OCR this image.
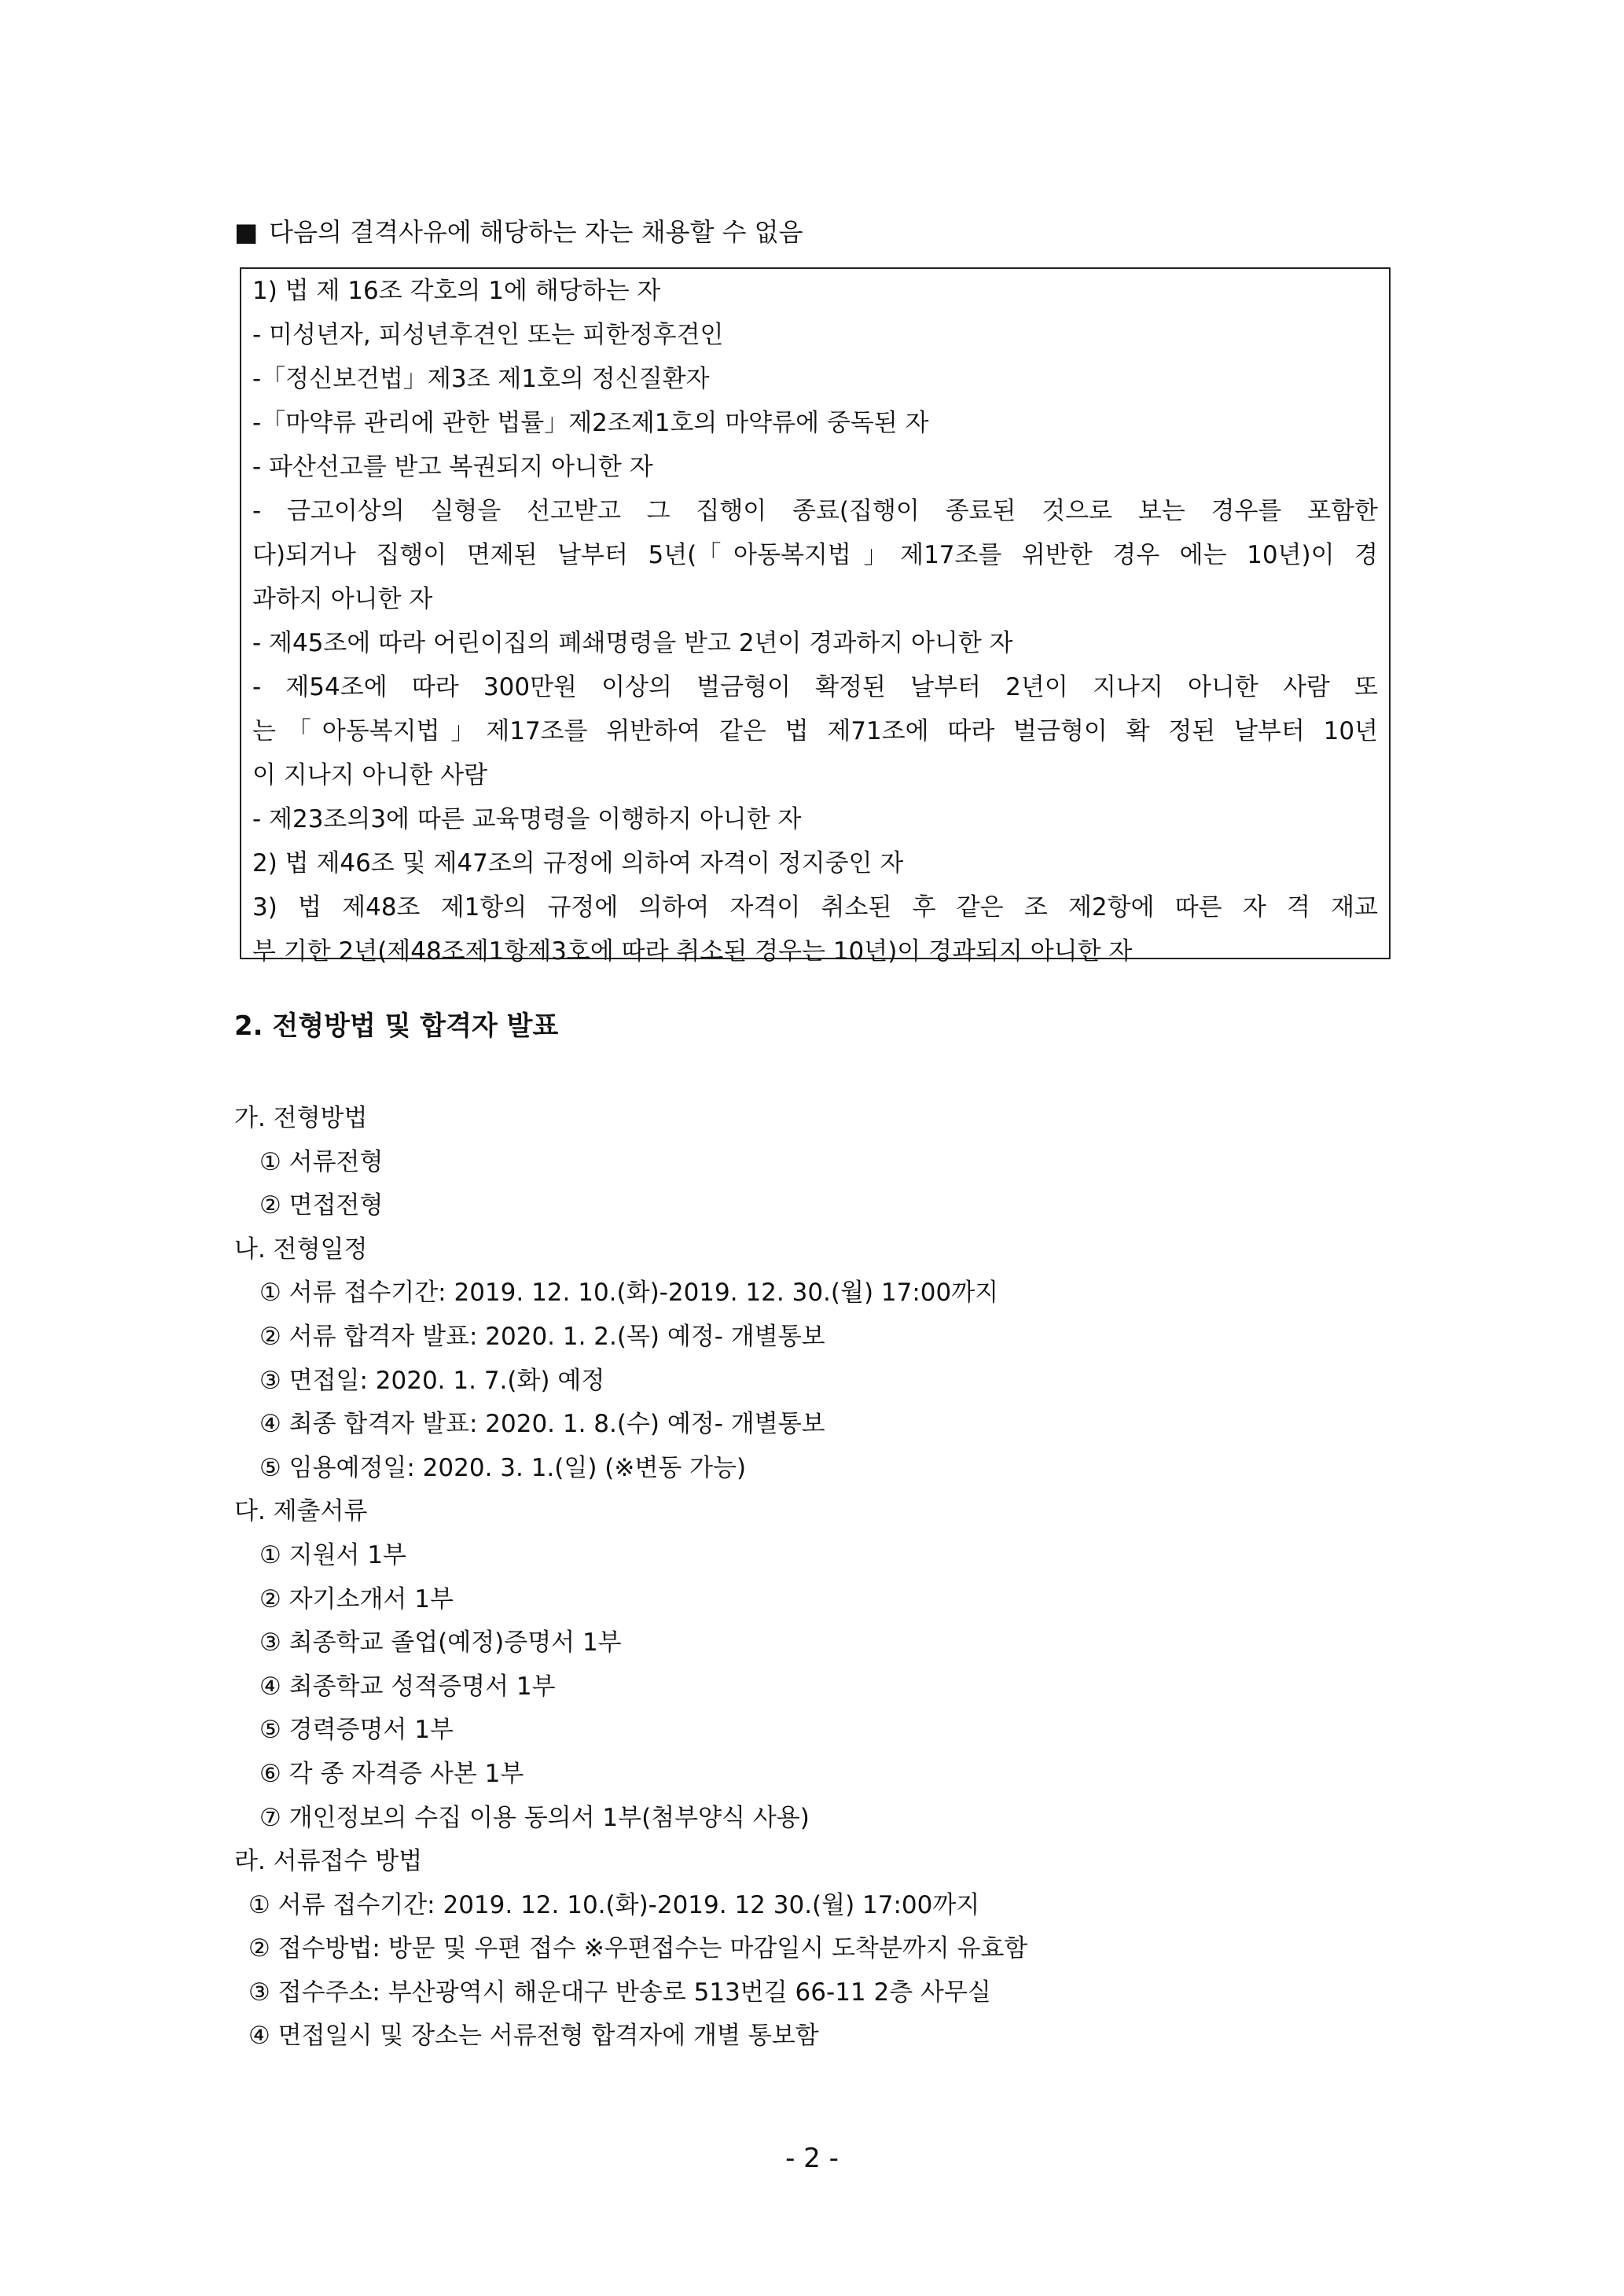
■ 다음의 결격사유에 해당하는 자는 채용할 수 없음
1) 법 제 16조 각호의 1에 해당하는 자
- 미성년자, 피성년후견인 또는 피한정후견인
-「정신보건법」제3조 제1호의 정신질환자
-「마약류 관리에 관한 법률」제2조제1호의 마약류에 중독된 자
- 파산선고를 받고 복권되지 아니한 자
- 금고이상의 실형을 선고받고 그 집행이 종료(집행이 종료된 것으로 보는 경우를 포함한
다)되거나 집행이 면제된 날부터 5년(「아동복지법」제17조를 위반한 경우 에는 10년)이 경
과하지 아니한 자
- 제45조에 따라 어린이집의 폐쇄명령을 받고 2년이 경과하지 아니한 자
- 제54조에 따라 300만원 이상의 벌금형이 확정된 날부터 2년이 지나지 아니한 사람 또
는「아동복지법」제17조를 위반하여 같은 법 제71조에 따라 벌금형이 확 정된 날부터 10년
이 지나지 아니한 사람
- 제23조의3에 따른 교육명령을 이행하지 아니한 자
2) 법 제46조 및 제47조의 규정에 의하여 자격이 정지중인 자
3) 법 제48조 제1항의 규정에 의하여 자격이 취소된 후 같은 조 제2항에 따른 자 격 재교
부 기한 2년(제48조제1항제3호에 따라 취소된 경우는 10년)이 경과되지 아니한 자
2. 전형방법 및 합격자 발표
가. 전형방법
① 서류전형
② 면접전형
나. 전형일정
① 서류 접수기간: 2019. 12. 10.(화)-2019. 12. 30.(월) 17:00까지
② 서류 합격자 발표: 2020. 1. 2.(목) 예정- 개별통보
③ 면접일: 2020. 1. 7.(화) 예정
④ 최종 합격자 발표: 2020. 1. 8.(수) 예정- 개별통보
⑤ 임용예정일: 2020. 3. 1.(일) (※변동 가능)
다. 제출서류
① 지원서 1부
② 자기소개서 1부
③ 최종학교 졸업(예정)증명서 1부
④ 최종학교 성적증명서 1부
⑤ 경력증명서 1부
⑥ 각 종 자격증 사본 1부
⑦ 개인정보의 수집 이용 동의서 1부(첨부양식 사용)
라. 서류접수 방법
① 서류 접수기간: 2019. 12. 10.(화)-2019. 12 30.(월) 17:00까지
② 접수방법: 방문 및 우편 접수 ※우편접수는 마감일시 도착분까지 유효함
③ 접수주소: 부산광역시 해운대구 반송로 513번길 66-11 2층 사무실
④ 면접일시 및 장소는 서류전형 합격자에 개별 통보함
- 2 -
